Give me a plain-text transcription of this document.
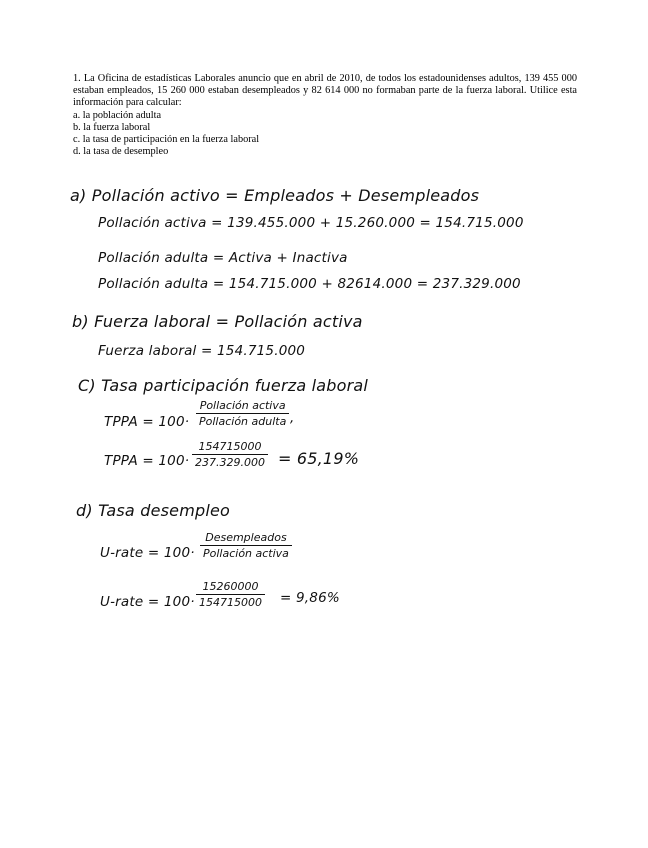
1. La Oficina de estadísticas Laborales anuncio que en abril de 2010, de todos los estadounidenses adultos, 139 455 000 estaban empleados, 15 260 000 estaban desempleados y 82 614 000 no formaban parte de la fuerza laboral. Utilice esta información para calcular:

a. la población adulta

b. la fuerza laboral

c. la tasa de participación en la fuerza laboral

d. la tasa de desempleo

a) Pollación activo = Empleados + Desempleados
Pollación activa = 139.455.000 + 15.260.000 = 154.715.000
Pollación adulta = Activa + Inactiva
Pollación adulta = 154.715.000 + 82614.000 = 237.329.000
b) Fuerza laboral = Pollación activa
Fuerza laboral = 154.715.000
C) Tasa participación fuerza laboral
TPPA = 100·
Pollación activa
Pollación adulta ,
TPPA = 100·
154715000
237.329.000 = 65,19%
d) Tasa desempleo
U-rate = 100·
Desempleados
Pollación activa
U-rate = 100·
15260000
154715000 = 9,86%
